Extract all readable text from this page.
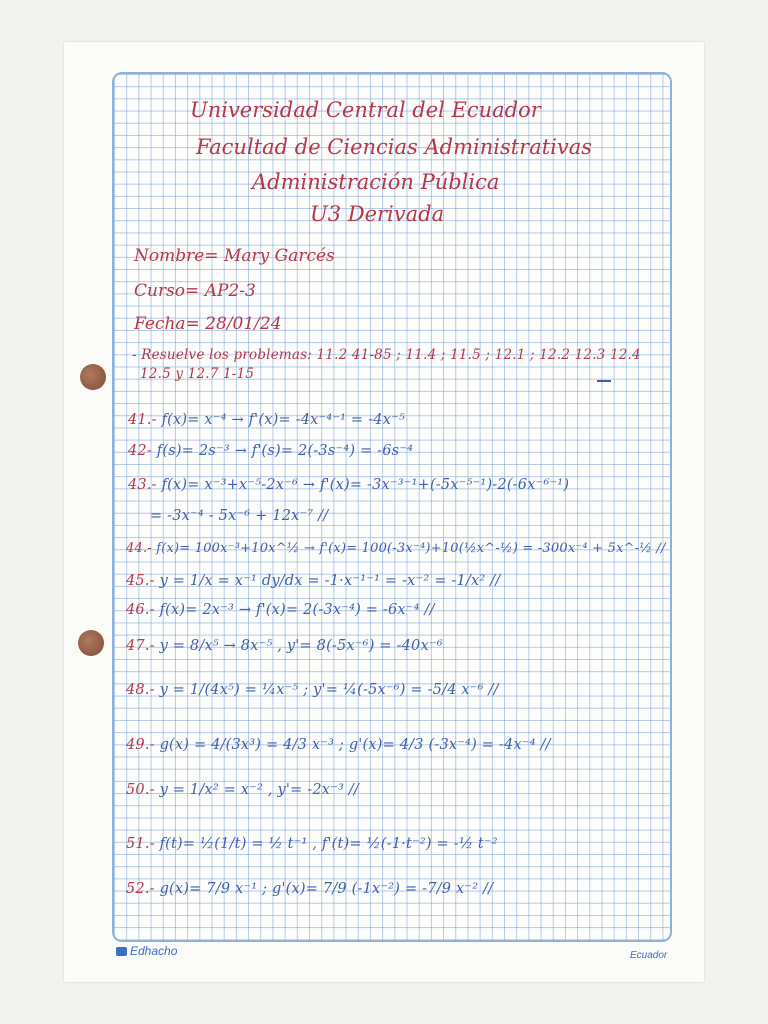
Universidad Central del Ecuador
Facultad de Ciencias Administrativas
Administración Pública
U3 Derivada
Nombre= Mary Garcés
Curso= AP2-3
Fecha= 28/01/24
- Resuelve los problemas: 11.2 41-85 ; 11.4 ; 11.5 ; 12.1 ; 12.2 12.3 12.4
12.5 y 12.7 1-15
41.- f(x)= x⁻⁴ → f'(x)= -4x⁻⁴⁻¹ = -4x⁻⁵
42- f(s)= 2s⁻³ → f'(s)= 2(-3s⁻⁴) = -6s⁻⁴
43.- f(x)= x⁻³+x⁻⁵-2x⁻⁶ → f'(x)= -3x⁻³⁻¹+(-5x⁻⁵⁻¹)-2(-6x⁻⁶⁻¹)
= -3x⁻⁴ - 5x⁻⁶ + 12x⁻⁷ //
44.- f(x)= 100x⁻³+10x^½ → f'(x)= 100(-3x⁻⁴)+10(½x^-½) = -300x⁻⁴ + 5x^-½ //
45.- y = 1/x = x⁻¹ dy/dx = -1·x⁻¹⁻¹ = -x⁻² = -1/x² //
46.- f(x)= 2x⁻³ → f'(x)= 2(-3x⁻⁴) = -6x⁻⁴ //
47.- y = 8/x⁵ → 8x⁻⁵ , y'= 8(-5x⁻⁶) = -40x⁻⁶
48.- y = 1/(4x⁵) = ¼x⁻⁵ ; y'= ¼(-5x⁻⁶) = -5/4 x⁻⁶ //
49.- g(x) = 4/(3x³) = 4/3 x⁻³ ; g'(x)= 4/3 (-3x⁻⁴) = -4x⁻⁴ //
50.- y = 1/x² = x⁻² , y'= -2x⁻³ //
51.- f(t)= ½(1/t) = ½ t⁻¹ , f'(t)= ½(-1·t⁻²) = -½ t⁻²
52.- g(x)= 7/9 x⁻¹ ; g'(x)= 7/9 (-1x⁻²) = -7/9 x⁻² //
Edhacho	Ecuador
